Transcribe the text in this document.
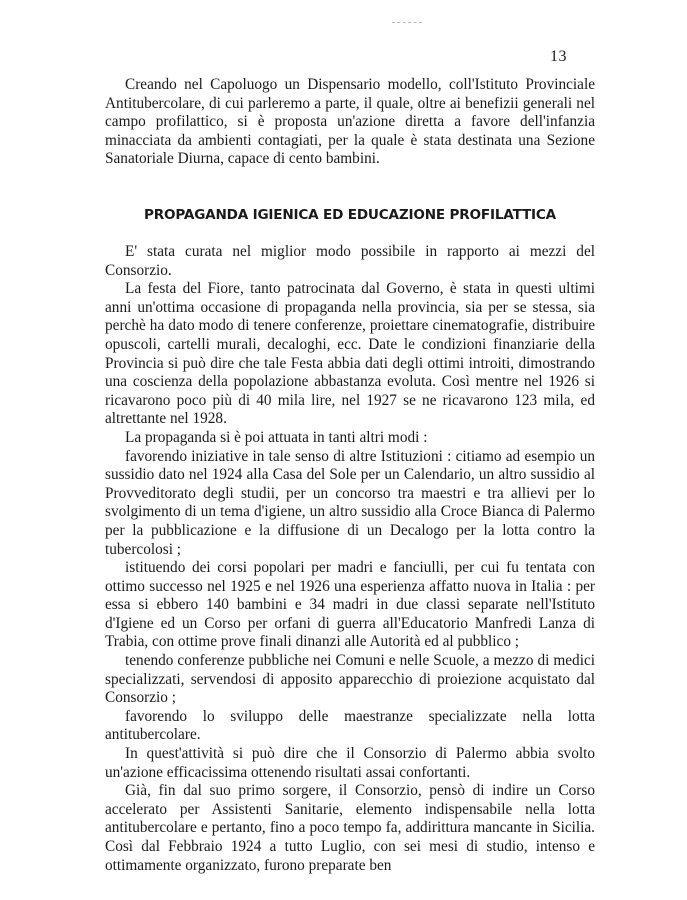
13

Creando nel Capoluogo un Dispensario modello, coll'Istituto Provinciale Antitubercolare, di cui parleremo a parte, il quale, oltre ai benefizii generali nel campo profilattico, si è proposta un'azione diretta a favore dell'infanzia minacciata da ambienti contagiati, per la quale è stata destinata una Sezione Sanatoriale Diurna, capace di cento bambini.

PROPAGANDA IGIENICA ED EDUCAZIONE PROFILATTICA

E' stata curata nel miglior modo possibile in rapporto ai mezzi del Consorzio.

La festa del Fiore, tanto patrocinata dal Governo, è stata in questi ultimi anni un'ottima occasione di propaganda nella provincia, sia per se stessa, sia perchè ha dato modo di tenere conferenze, proiettare cinematografie, distribuire opuscoli, cartelli murali, decaloghi, ecc. Date le condizioni finanziarie della Provincia si può dire che tale Festa abbia dati degli ottimi introiti, dimostrando una coscienza della popolazione abbastanza evoluta. Così mentre nel 1926 si ricavarono poco più di 40 mila lire, nel 1927 se ne ricavarono 123 mila, ed altrettante nel 1928.

La propaganda si è poi attuata in tanti altri modi :

favorendo iniziative in tale senso di altre Istituzioni : citiamo ad esempio un sussidio dato nel 1924 alla Casa del Sole per un Calendario, un altro sussidio al Provveditorato degli studii, per un concorso tra maestri e tra allievi per lo svolgimento di un tema d'igiene, un altro sussidio alla Croce Bianca di Palermo per la pubblicazione e la diffusione di un Decalogo per la lotta contro la tubercolosi ;

istituendo dei corsi popolari per madri e fanciulli, per cui fu tentata con ottimo successo nel 1925 e nel 1926 una esperienza affatto nuova in Italia : per essa si ebbero 140 bambini e 34 madri in due classi separate nell'Istituto d'Igiene ed un Corso per orfani di guerra all'Educatorio Manfredi Lanza di Trabia, con ottime prove finali dinanzi alle Autorità ed al pubblico ;

tenendo conferenze pubbliche nei Comuni e nelle Scuole, a mezzo di medici specializzati, servendosi di apposito apparecchio di proiezione acquistato dal Consorzio ;

favorendo lo sviluppo delle maestranze specializzate nella lotta antitubercolare.

In quest'attività si può dire che il Consorzio di Palermo abbia svolto un'azione efficacissima ottenendo risultati assai confortanti.

Già, fin dal suo primo sorgere, il Consorzio, pensò di indire un Corso accelerato per Assistenti Sanitarie, elemento indispensabile nella lotta antitubercolare e pertanto, fino a poco tempo fa, addirittura mancante in Sicilia. Così dal Febbraio 1924 a tutto Luglio, con sei mesi di studio, intenso e ottimamente organizzato, furono preparate ben
